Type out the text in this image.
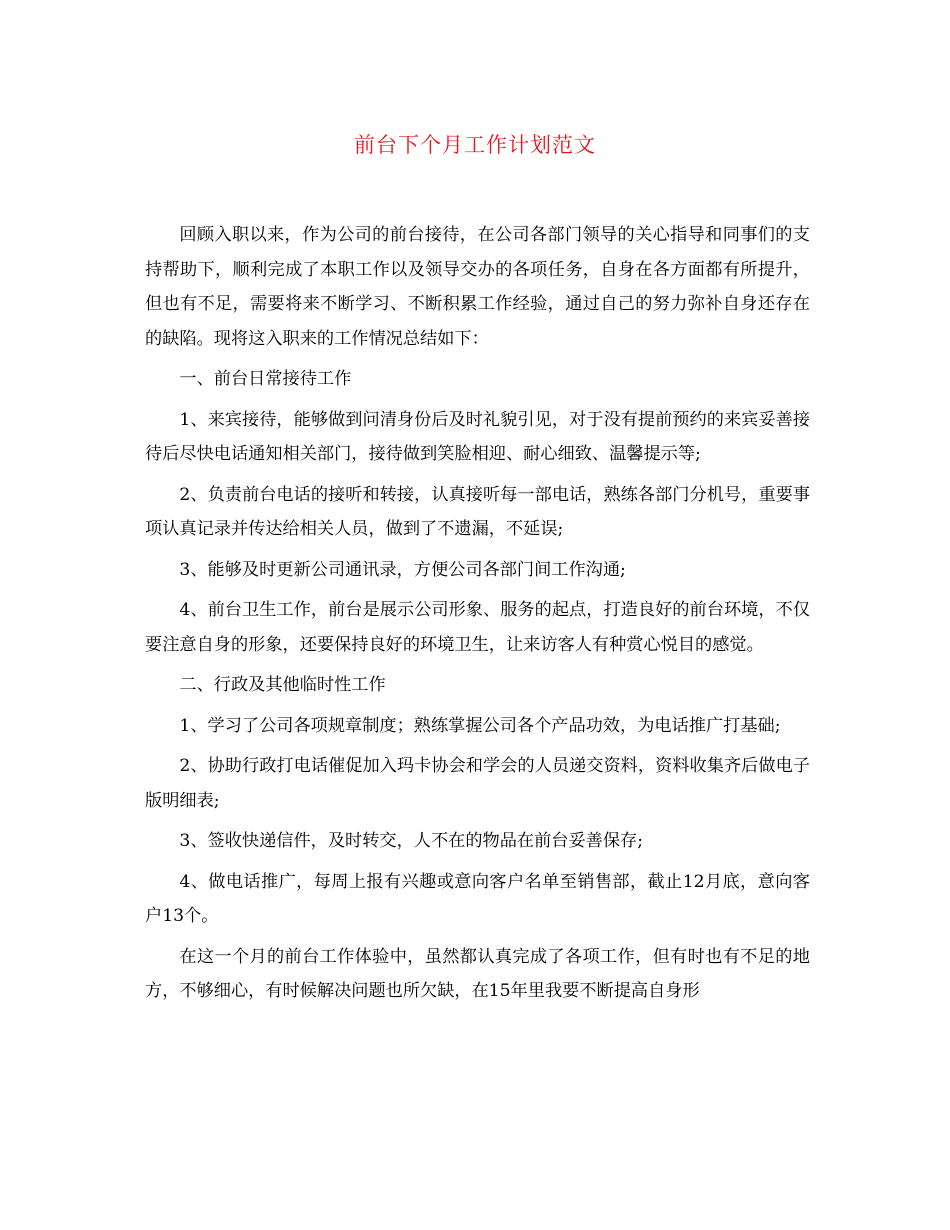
前台下个月工作计划范文

回顾入职以来，作为公司的前台接待，在公司各部门领导的关心指导和同事们的支持帮助下，顺利完成了本职工作以及领导交办的各项任务，自身在各方面都有所提升，但也有不足，需要将来不断学习、不断积累工作经验，通过自己的努力弥补自身还存在的缺陷。现将这入职来的工作情况总结如下：

一、前台日常接待工作

1、来宾接待，能够做到问清身份后及时礼貌引见，对于没有提前预约的来宾妥善接待后尽快电话通知相关部门，接待做到笑脸相迎、耐心细致、温馨提示等;

2、负责前台电话的接听和转接，认真接听每一部电话，熟练各部门分机号，重要事项认真记录并传达给相关人员，做到了不遗漏，不延误;

3、能够及时更新公司通讯录，方便公司各部门间工作沟通;

4、前台卫生工作，前台是展示公司形象、服务的起点，打造良好的前台环境，不仅要注意自身的形象，还要保持良好的环境卫生，让来访客人有种赏心悦目的感觉。

二、行政及其他临时性工作

1、学习了公司各项规章制度；熟练掌握公司各个产品功效，为电话推广打基础;

2、协助行政打电话催促加入玛卡协会和学会的人员递交资料，资料收集齐后做电子版明细表;

3、签收快递信件，及时转交，人不在的物品在前台妥善保存;

4、做电话推广，每周上报有兴趣或意向客户名单至销售部，截止12月底，意向客户13个。

在这一个月的前台工作体验中，虽然都认真完成了各项工作，但有时也有不足的地方，不够细心，有时候解决问题也所欠缺，在15年里我要不断提高自身形
